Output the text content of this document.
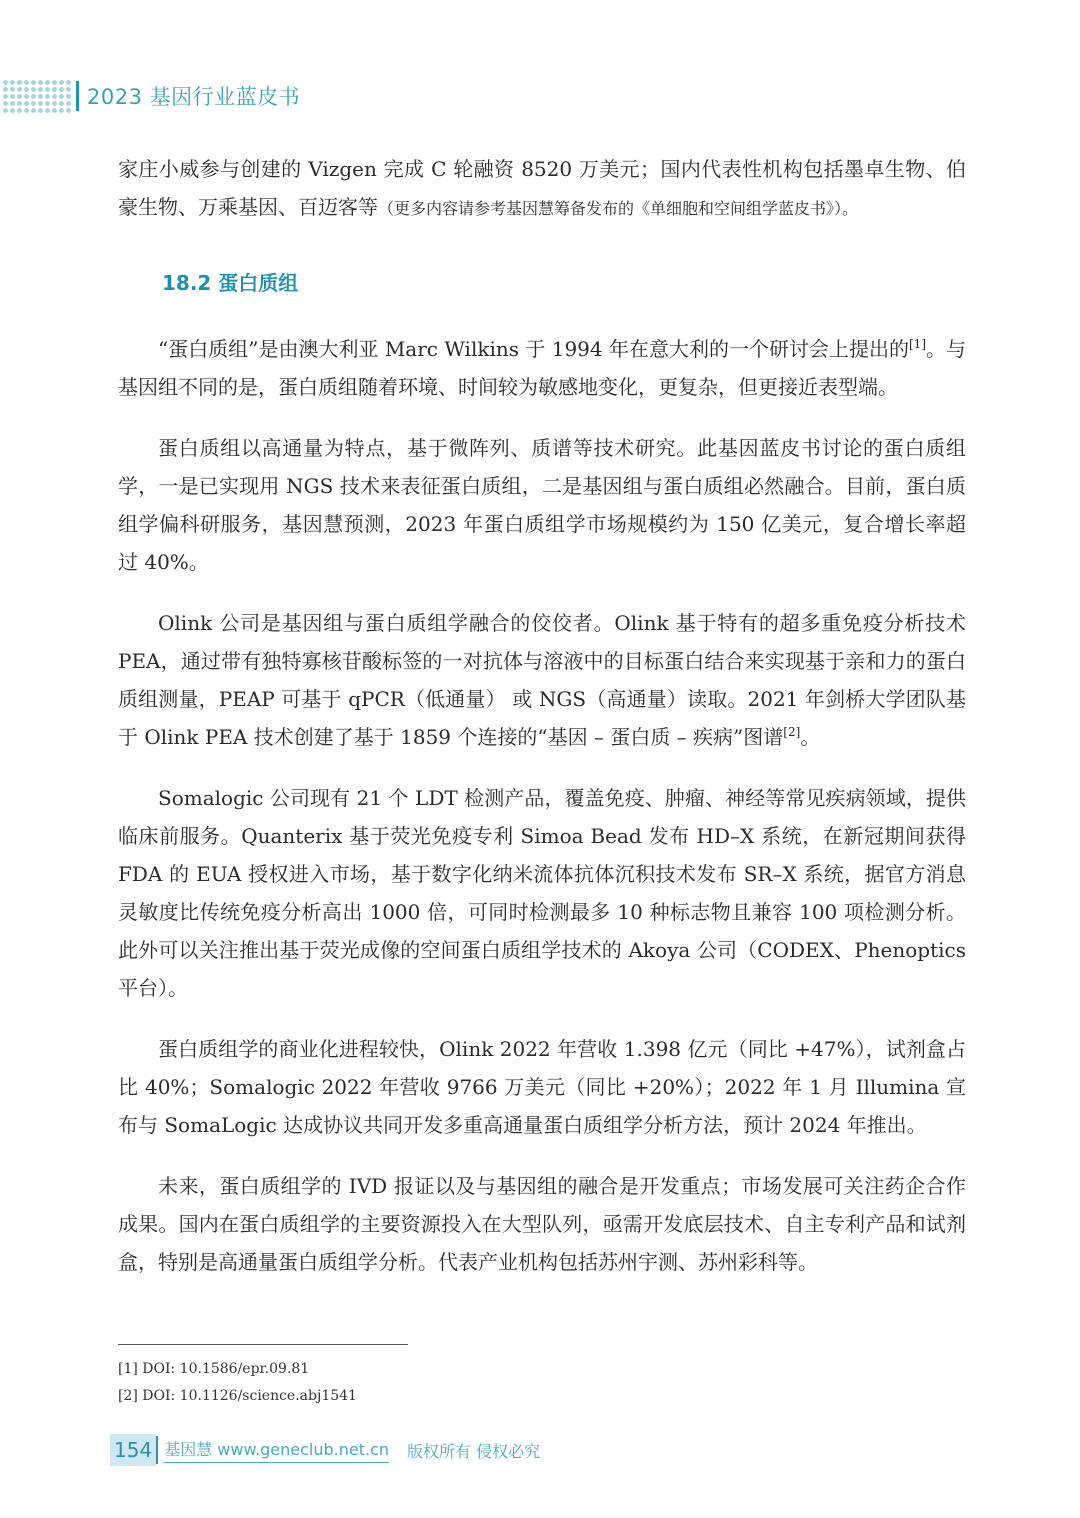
2023 基因行业蓝皮书

家庄小威参与创建的 Vizgen 完成 C 轮融资 8520 万美元；国内代表性机构包括墨卓生物、伯豪生物、万乘基因、百迈客等（更多内容请参考基因慧筹备发布的《单细胞和空间组学蓝皮书》）。

18.2 蛋白质组

“蛋白质组”是由澳大利亚 Marc Wilkins 于 1994 年在意大利的一个研讨会上提出的[1]。与基因组不同的是，蛋白质组随着环境、时间较为敏感地变化，更复杂，但更接近表型端。

蛋白质组以高通量为特点，基于微阵列、质谱等技术研究。此基因蓝皮书讨论的蛋白质组学，一是已实现用 NGS 技术来表征蛋白质组，二是基因组与蛋白质组必然融合。目前，蛋白质组学偏科研服务，基因慧预测，2023 年蛋白质组学市场规模约为 150 亿美元，复合增长率超过 40%。

Olink 公司是基因组与蛋白质组学融合的佼佼者。Olink 基于特有的超多重免疫分析技术 PEA，通过带有独特寡核苷酸标签的一对抗体与溶液中的目标蛋白结合来实现基于亲和力的蛋白质组测量，PEAP 可基于 qPCR（低通量） 或 NGS（高通量）读取。2021 年剑桥大学团队基于 Olink PEA 技术创建了基于 1859 个连接的“基因 – 蛋白质 – 疾病”图谱[2]。

Somalogic 公司现有 21 个 LDT 检测产品，覆盖免疫、肿瘤、神经等常见疾病领域，提供临床前服务。Quanterix 基于荧光免疫专利 Simoa Bead 发布 HD–X 系统，在新冠期间获得 FDA 的 EUA 授权进入市场，基于数字化纳米流体抗体沉积技术发布 SR–X 系统，据官方消息灵敏度比传统免疫分析高出 1000 倍，可同时检测最多 10 种标志物且兼容 100 项检测分析。此外可以关注推出基于荧光成像的空间蛋白质组学技术的 Akoya 公司（CODEX、Phenoptics 平台）。

蛋白质组学的商业化进程较快，Olink 2022 年营收 1.398 亿元（同比 +47%），试剂盒占比 40%；Somalogic 2022 年营收 9766 万美元（同比 +20%）；2022 年 1 月 Illumina 宣布与 SomaLogic 达成协议共同开发多重高通量蛋白质组学分析方法，预计 2024 年推出。

未来，蛋白质组学的 IVD 报证以及与基因组的融合是开发重点；市场发展可关注药企合作成果。国内在蛋白质组学的主要资源投入在大型队列，亟需开发底层技术、自主专利产品和试剂盒，特别是高通量蛋白质组学分析。代表产业机构包括苏州宇测、苏州彩科等。

[1] DOI: 10.1586/epr.09.81
[2] DOI: 10.1126/science.abj1541
154 基因慧 www.geneclub.net.cn 版权所有 侵权必究
